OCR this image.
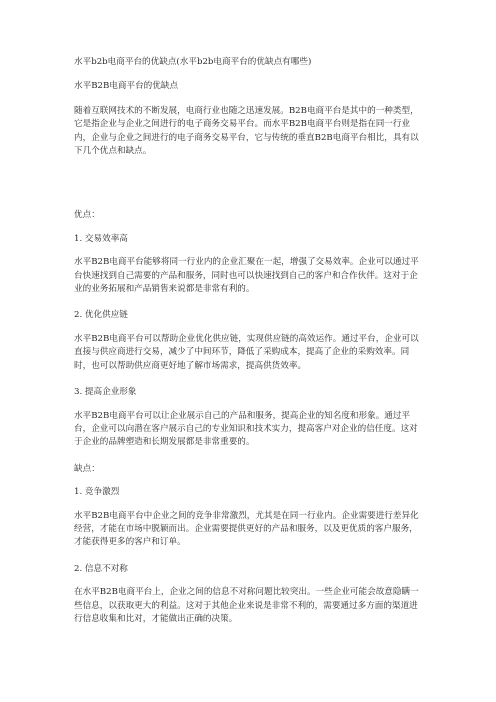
水平b2b电商平台的优缺点(水平b2b电商平台的优缺点有哪些)

水平B2B电商平台的优缺点

随着互联网技术的不断发展，电商行业也随之迅速发展。B2B电商平台是其中的一种类型，它是指企业与企业之间进行的电子商务交易平台。而水平B2B电商平台则是指在同一行业内，企业与企业之间进行的电子商务交易平台，它与传统的垂直B2B电商平台相比，具有以下几个优点和缺点。

优点：

1. 交易效率高

水平B2B电商平台能够将同一行业内的企业汇聚在一起，增强了交易效率。企业可以通过平台快速找到自己需要的产品和服务，同时也可以快速找到自己的客户和合作伙伴。这对于企业的业务拓展和产品销售来说都是非常有利的。

2. 优化供应链

水平B2B电商平台可以帮助企业优化供应链，实现供应链的高效运作。通过平台，企业可以直接与供应商进行交易，减少了中间环节，降低了采购成本，提高了企业的采购效率。同时，也可以帮助供应商更好地了解市场需求，提高供货效率。

3. 提高企业形象

水平B2B电商平台可以让企业展示自己的产品和服务，提高企业的知名度和形象。通过平台，企业可以向潜在客户展示自己的专业知识和技术实力，提高客户对企业的信任度。这对于企业的品牌塑造和长期发展都是非常重要的。

缺点：

1. 竞争激烈

水平B2B电商平台中企业之间的竞争非常激烈，尤其是在同一行业内。企业需要进行差异化经营，才能在市场中脱颖而出。企业需要提供更好的产品和服务，以及更优质的客户服务，才能获得更多的客户和订单。

2. 信息不对称

在水平B2B电商平台上，企业之间的信息不对称问题比较突出。一些企业可能会故意隐瞒一些信息，以获取更大的利益。这对于其他企业来说是非常不利的，需要通过多方面的渠道进行信息收集和比对，才能做出正确的决策。
